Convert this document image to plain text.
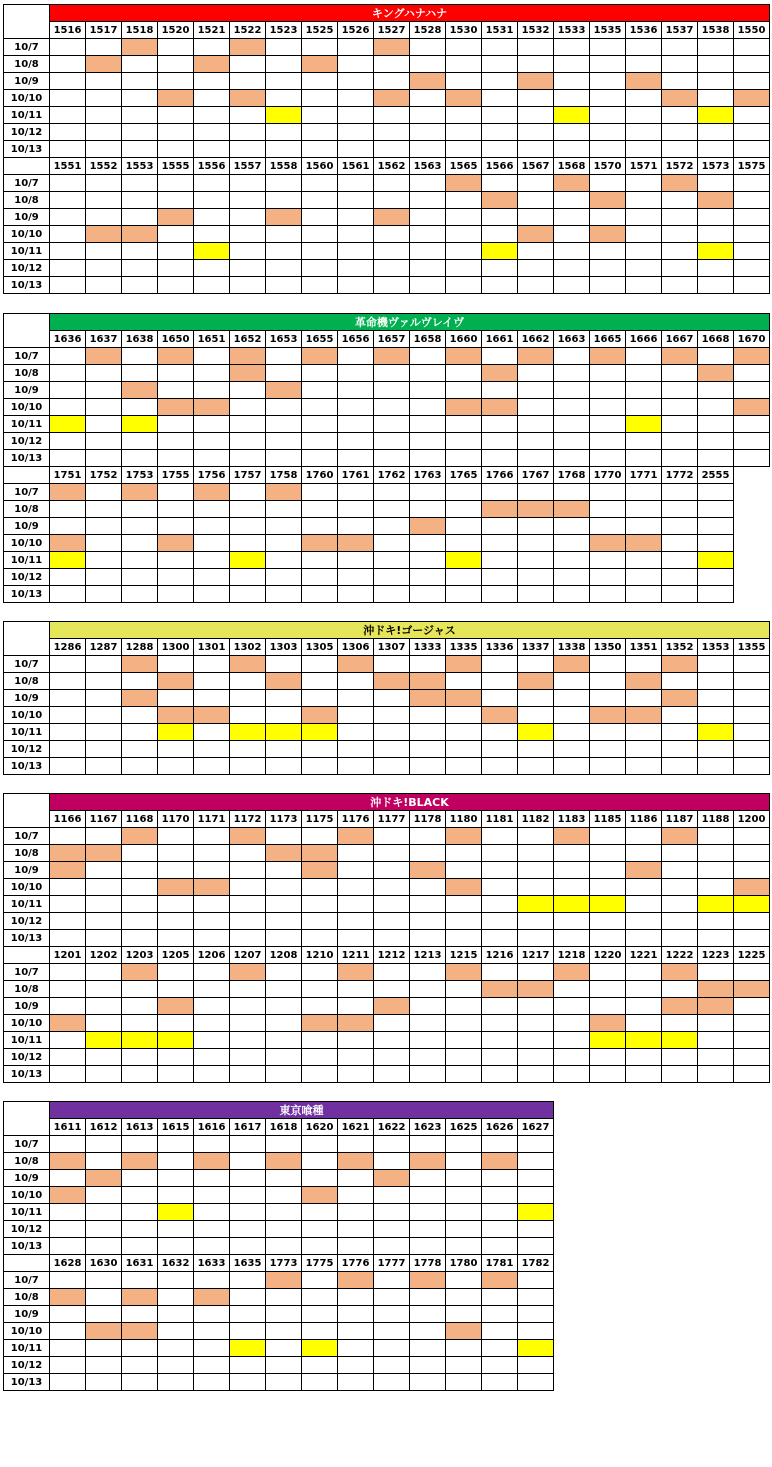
	キングハナハナ																			
	1516	1517	1518	1520	1521	1522	1523	1525	1526	1527	1528	1530	1531	1532	1533	1535	1536	1537	1538	1550
10/7																				
10/8																				
10/9																				
10/10																				
10/11																				
10/12																				
10/13																				
	1551	1552	1553	1555	1556	1557	1558	1560	1561	1562	1563	1565	1566	1567	1568	1570	1571	1572	1573	1575
10/7																				
10/8																				
10/9																				
10/10																				
10/11																				
10/12																				
10/13																				
	革命機ヴァルヴレイヴ																			
	1636	1637	1638	1650	1651	1652	1653	1655	1656	1657	1658	1660	1661	1662	1663	1665	1666	1667	1668	1670
10/7																				
10/8																				
10/9																				
10/10																				
10/11																				
10/12																				
10/13																				
	1751	1752	1753	1755	1756	1757	1758	1760	1761	1762	1763	1765	1766	1767	1768	1770	1771	1772	2555	
10/7																				
10/8																				
10/9																				
10/10																				
10/11																				
10/12																				
10/13																				
	沖ドキ!ゴージャス																			
	1286	1287	1288	1300	1301	1302	1303	1305	1306	1307	1333	1335	1336	1337	1338	1350	1351	1352	1353	1355
10/7																				
10/8																				
10/9																				
10/10																				
10/11																				
10/12																				
10/13																				
	沖ドキ!BLACK																			
	1166	1167	1168	1170	1171	1172	1173	1175	1176	1177	1178	1180	1181	1182	1183	1185	1186	1187	1188	1200
10/7																				
10/8																				
10/9																				
10/10																				
10/11																				
10/12																				
10/13																				
	1201	1202	1203	1205	1206	1207	1208	1210	1211	1212	1213	1215	1216	1217	1218	1220	1221	1222	1223	1225
10/7																				
10/8																				
10/9																				
10/10																				
10/11																				
10/12																				
10/13																				
	東京喰種													
	1611	1612	1613	1615	1616	1617	1618	1620	1621	1622	1623	1625	1626	1627
10/7														
10/8														
10/9														
10/10														
10/11														
10/12														
10/13														
	1628	1630	1631	1632	1633	1635	1773	1775	1776	1777	1778	1780	1781	1782
10/7														
10/8														
10/9														
10/10														
10/11														
10/12														
10/13														
